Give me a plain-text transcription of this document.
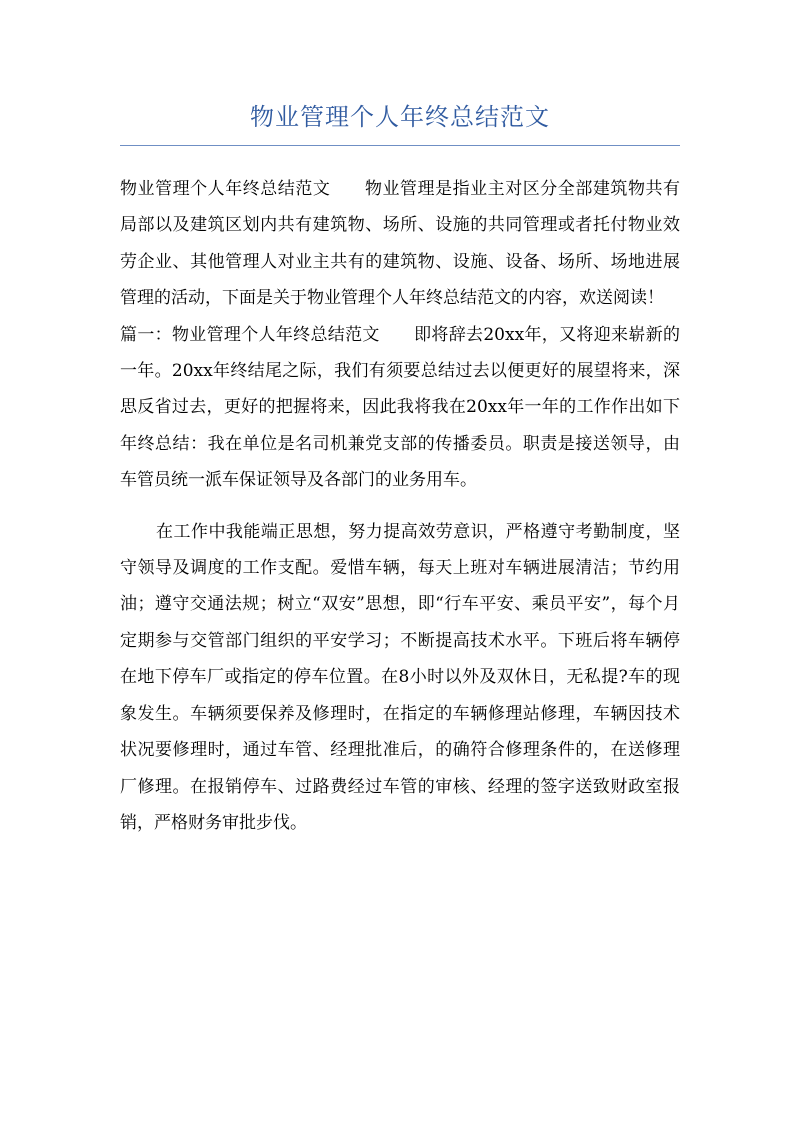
物业管理个人年终总结范文

物业管理个人年终总结范文 物业管理是指业主对区分全部建筑物共有局部以及建筑区划内共有建筑物、场所、设施的共同管理或者托付物业效劳企业、其他管理人对业主共有的建筑物、设施、设备、场所、场地进展管理的活动，下面是关于物业管理个人年终总结范文的内容，欢送阅读！

篇一：物业管理个人年终总结范文 即将辞去20xx年，又将迎来崭新的一年。20xx年终结尾之际，我们有须要总结过去以便更好的展望将来，深思反省过去，更好的把握将来，因此我将我在20xx年一年的工作作出如下年终总结：我在单位是名司机兼党支部的传播委员。职责是接送领导，由车管员统一派车保证领导及各部门的业务用车。

在工作中我能端正思想，努力提高效劳意识，严格遵守考勤制度，坚守领导及调度的工作支配。爱惜车辆，每天上班对车辆进展清洁；节约用油；遵守交通法规；树立“双安”思想，即“行车平安、乘员平安”，每个月定期参与交管部门组织的平安学习；不断提高技术水平。下班后将车辆停在地下停车厂或指定的停车位置。在8小时以外及双休日，无私提?车的现象发生。车辆须要保养及修理时，在指定的车辆修理站修理，车辆因技术状况要修理时，通过车管、经理批准后，的确符合修理条件的，在送修理厂修理。在报销停车、过路费经过车管的审核、经理的签字送致财政室报销，严格财务审批步伐。
